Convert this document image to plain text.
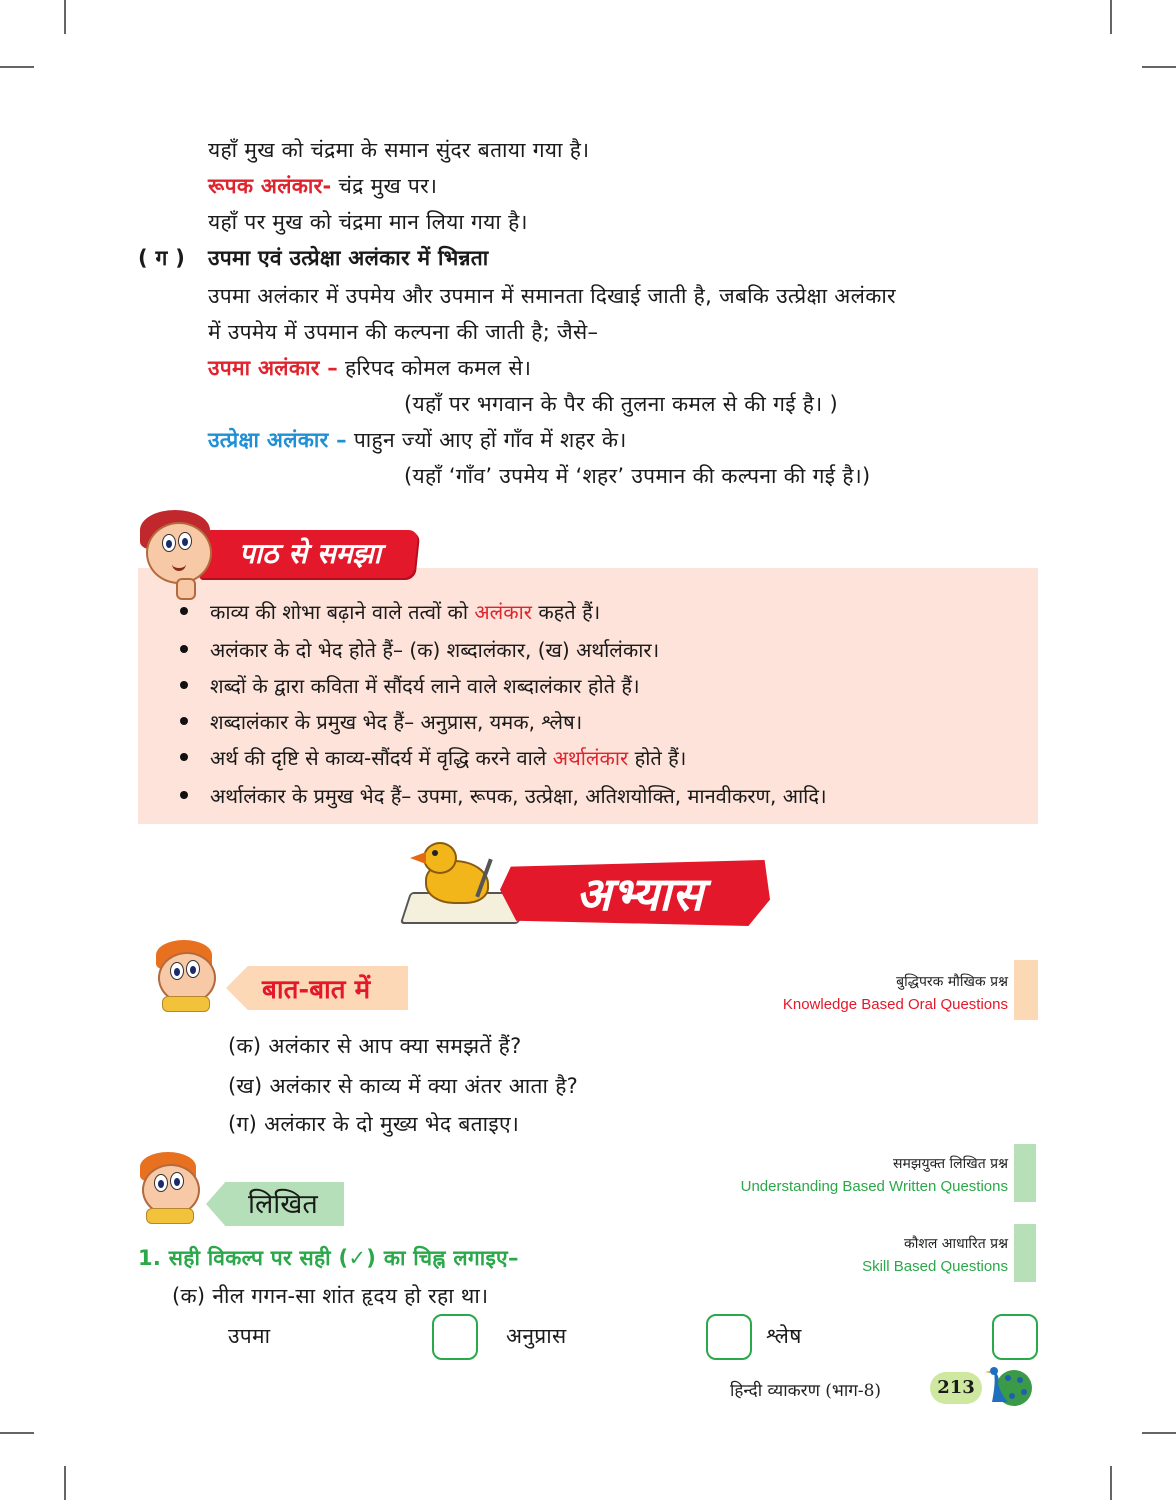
यहाँ मुख को चंद्रमा के समान सुंदर बताया गया है।
रूपक अलंकार- चंद्र मुख पर।
यहाँ पर मुख को चंद्रमा मान लिया गया है।
( ग ) उपमा एवं उत्प्रेक्षा अलंकार में भिन्नता
उपमा अलंकार में उपमेय और उपमान में समानता दिखाई जाती है, जबकि उत्प्रेक्षा अलंकार
में उपमेय में उपमान की कल्पना की जाती है; जैसे–
उपमा अलंकार – हरिपद कोमल कमल से।
(यहाँ पर भगवान के पैर की तुलना कमल से की गई है। )
उत्प्रेक्षा अलंकार – पाहुन ज्यों आए हों गाँव में शहर के।
(यहाँ ‘गाँव’ उपमेय में ‘शहर’ उपमान की कल्पना की गई है।)
पाठ से समझा
काव्य की शोभा बढ़ाने वाले तत्वों को अलंकार कहते हैं।
अलंकार के दो भेद होते हैं– (क) शब्दालंकार, (ख) अर्थालंकार।
शब्दों के द्वारा कविता में सौंदर्य लाने वाले शब्दालंकार होते हैं।
शब्दालंकार के प्रमुख भेद हैं– अनुप्रास, यमक, श्लेष।
अर्थ की दृष्टि से काव्य-सौंदर्य में वृद्धि करने वाले अर्थालंकार होते हैं।
अर्थालंकार के प्रमुख भेद हैं– उपमा, रूपक, उत्प्रेक्षा, अतिशयोक्ति, मानवीकरण, आदि।
अभ्यास
बात-बात में	बुद्धिपरक मौखिक प्रश्न
Knowledge Based Oral Questions
(क) अलंकार से आप क्या समझतें हैं?
(ख) अलंकार से काव्य में क्या अंतर आता है?
(ग) अलंकार के दो मुख्य भेद बताइए।
लिखित
समझयुक्त लिखित प्रश्न
Understanding Based Written Questions
कौशल आधारित प्रश्न
Skill Based Questions
1. सही विकल्प पर सही (✓) का चिह्न लगाइए–
(क) नील गगन-सा शांत हृदय हो रहा था।
उपमा	अनुप्रास	श्लेष
हिन्दी व्याकरण (भाग-8)	213
